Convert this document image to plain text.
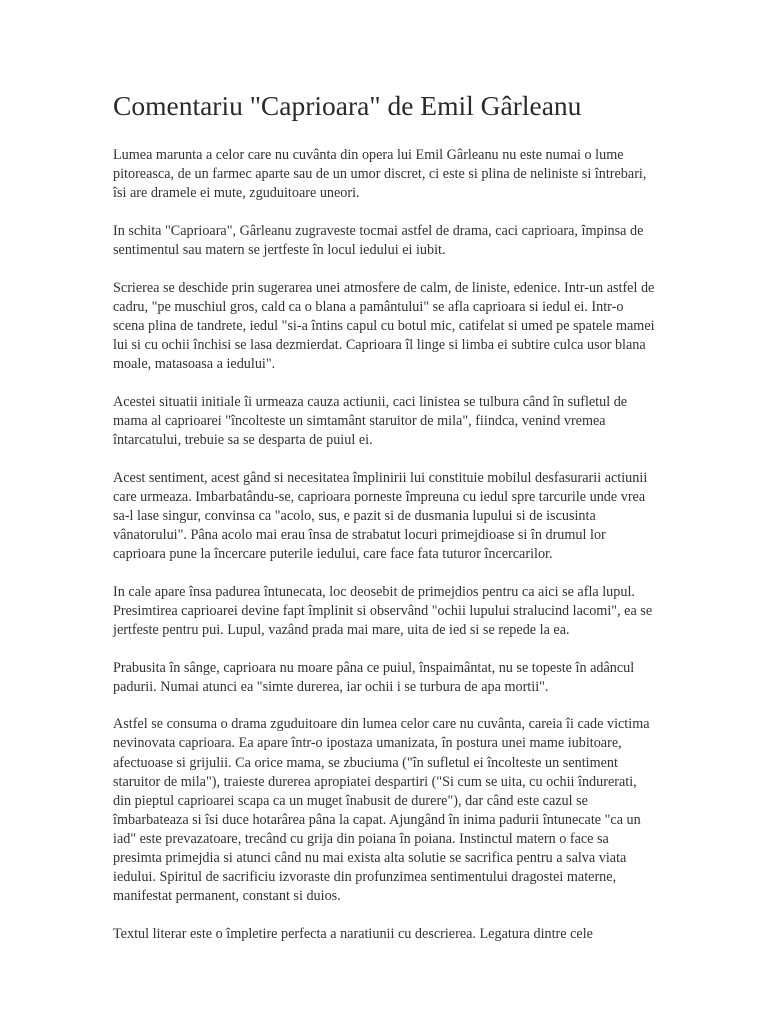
Comentariu "Caprioara" de Emil Gârleanu

Lumea marunta a celor care nu cuvânta din opera lui Emil Gârleanu nu este numai o lume pitoreasca, de un farmec aparte sau de un umor discret, ci este si plina de neliniste si întrebari, îsi are dramele ei mute, zguduitoare uneori.

In schita "Caprioara", Gârleanu zugraveste tocmai astfel de drama, caci caprioara, împinsa de sentimentul sau matern se jertfeste în locul iedului ei iubit.

Scrierea se deschide prin sugerarea unei atmosfere de calm, de liniste, edenice. Intr-un astfel de cadru, "pe muschiul gros, cald ca o blana a pamântului" se afla caprioara si iedul ei. Intr-o scena plina de tandrete, iedul "si-a întins capul cu botul mic, catifelat si umed pe spatele mamei lui si cu ochii închisi se lasa dezmierdat. Caprioara îl linge si limba ei subtire culca usor blana moale, matasoasa a iedului".

Acestei situatii initiale îi urmeaza cauza actiunii, caci linistea se tulbura când în sufletul de mama al caprioarei "încolteste un simtamânt staruitor de mila", fiindca, venind vremea întarcatului, trebuie sa se desparta de puiul ei.

Acest sentiment, acest gând si necesitatea împlinirii lui constituie mobilul desfasurarii actiunii care urmeaza. Imbarbatându-se, caprioara porneste împreuna cu iedul spre tarcurile unde vrea sa-l lase singur, convinsa ca "acolo, sus, e pazit si de dusmania lupului si de iscusinta vânatorului". Pâna acolo mai erau însa de strabatut locuri primejdioase si în drumul lor caprioara pune la încercare puterile iedului, care face fata tuturor încercarilor.

In cale apare însa padurea întunecata, loc deosebit de primejdios pentru ca aici se afla lupul. Presimtirea caprioarei devine fapt împlinit si observând "ochii lupului stralucind lacomi", ea se jertfeste pentru pui. Lupul, vazând prada mai mare, uita de ied si se repede la ea.

Prabusita în sânge, caprioara nu moare pâna ce puiul, înspaimântat, nu se topeste în adâncul padurii. Numai atunci ea "simte durerea, iar ochii i se turbura de apa mortii".

Astfel se consuma o drama zguduitoare din lumea celor care nu cuvânta, careia îi cade victima nevinovata caprioara. Ea apare într-o ipostaza umanizata, în postura unei mame iubitoare, afectuoase si grijulii. Ca orice mama, se zbuciuma ("în sufletul ei încolteste un sentiment staruitor de mila"), traieste durerea apropiatei despartiri ("Si cum se uita, cu ochii îndurerati, din pieptul caprioarei scapa ca un muget înabusit de durere"), dar când este cazul se îmbarbateaza si îsi duce hotarârea pâna la capat. Ajungând în inima padurii întunecate "ca un iad" este prevazatoare, trecând cu grija din poiana în poiana. Instinctul matern o face sa presimta primejdia si atunci când nu mai exista alta solutie se sacrifica pentru a salva viata iedului. Spiritul de sacrificiu izvoraste din profunzimea sentimentului dragostei materne, manifestat permanent, constant si duios.

Textul literar este o împletire perfecta a naratiunii cu descrierea. Legatura dintre cele
